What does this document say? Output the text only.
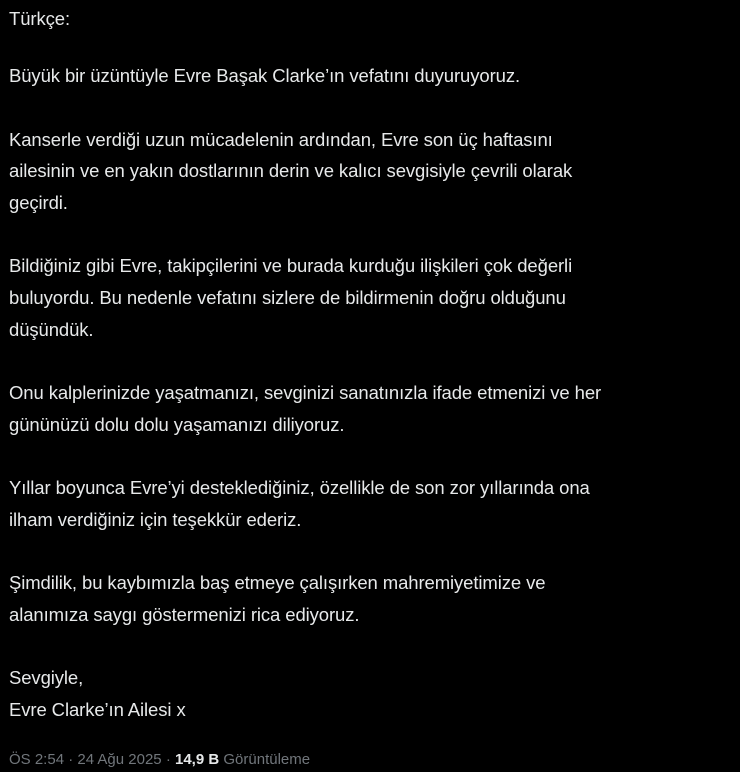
Türkçe:
Büyük bir üzüntüyle Evre Başak Clarke’ın vefatını duyuruyoruz.
Kanserle verdiği uzun mücadelenin ardından, Evre son üç haftasını
ailesinin ve en yakın dostlarının derin ve kalıcı sevgisiyle çevrili olarak
geçirdi.
Bildiğiniz gibi Evre, takipçilerini ve burada kurduğu ilişkileri çok değerli
buluyordu. Bu nedenle vefatını sizlere de bildirmenin doğru olduğunu
düşündük.
Onu kalplerinizde yaşatmanızı, sevginizi sanatınızla ifade etmenizi ve her
gününüzü dolu dolu yaşamanızı diliyoruz.
Yıllar boyunca Evre’yi desteklediğiniz, özellikle de son zor yıllarında ona
ilham verdiğiniz için teşekkür ederiz.
Şimdilik, bu kaybımızla baş etmeye çalışırken mahremiyetimize ve
alanımıza saygı göstermenizi rica ediyoruz.
Sevgiyle,
Evre Clarke’ın Ailesi x
ÖS 2:54 · 24 Ağu 2025 · 14,9 B Görüntüleme
